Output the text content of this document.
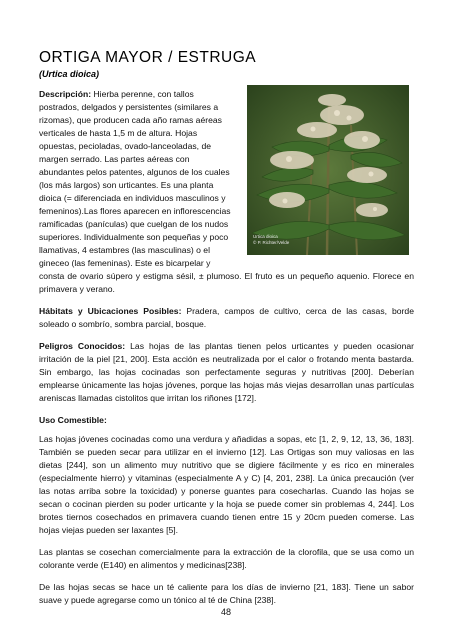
ORTIGA MAYOR / ESTRUGA
(Urtica dioica)
Urtica dioica
© P. Richter/Velde
Descripción: Hierba perenne, con tallos
postrados, delgados y persistentes (similares a
rizomas), que producen cada año ramas aéreas
verticales de hasta 1,5 m de altura. Hojas
opuestas, pecioladas, ovado-lanceoladas, de
margen serrado. Las partes aéreas con
abundantes pelos patentes, algunos de los cuales
(los más largos) son urticantes. Es una planta
dioica (= diferenciada en individuos masculinos y
femeninos).Las flores aparecen en inflorescencias
ramificadas (panículas) que cuelgan de los nudos
superiores. Individualmente son pequeñas y poco
llamativas, 4 estambres (las masculinas) o el
gineceo (las femeninas). Este es bicarpelar y
consta de ovario súpero y estigma sésil, ± plumoso. El fruto es un pequeño aquenio. Florece en primavera y verano.
Hábitats y Ubicaciones Posibles: Pradera, campos de cultivo, cerca de las casas, borde soleado o sombrío, sombra parcial, bosque.
Peligros Conocidos: Las hojas de las plantas tienen pelos urticantes y pueden ocasionar irritación de la piel [21, 200]. Esta acción es neutralizada por el calor o frotando menta bastarda. Sin embargo, las hojas cocinadas son perfectamente seguras y nutritivas [200]. Deberían emplearse únicamente las hojas jóvenes, porque las hojas más viejas desarrollan unas partículas areniscas llamadas cistolitos que irritan los riñones [172].
Uso Comestible:
Las hojas jóvenes cocinadas como una verdura y añadidas a sopas, etc [1, 2, 9, 12, 13, 36, 183]. También se pueden secar para utilizar en el invierno [12]. Las Ortigas son muy valiosas en las dietas [244], son un alimento muy nutritivo que se digiere fácilmente y es rico en minerales (especialmente hierro) y vitaminas (especialmente A y C) [4, 201, 238]. La única precaución (ver las notas arriba sobre la toxicidad) y ponerse guantes para cosecharlas. Cuando las hojas se secan o cocinan pierden su poder urticante y la hoja se puede comer sin problemas 4, 244]. Los brotes tiernos cosechados en primavera cuando tienen entre 15 y 20cm pueden comerse. Las hojas viejas pueden ser laxantes [5].
Las plantas se cosechan comercialmente para la extracción de la clorofila, que se usa como un colorante verde (E140) en alimentos y medicinas[238].
De las hojas secas se hace un té caliente para los días de invierno [21, 183]. Tiene un sabor suave y puede agregarse como un tónico al té de China [238].
48
